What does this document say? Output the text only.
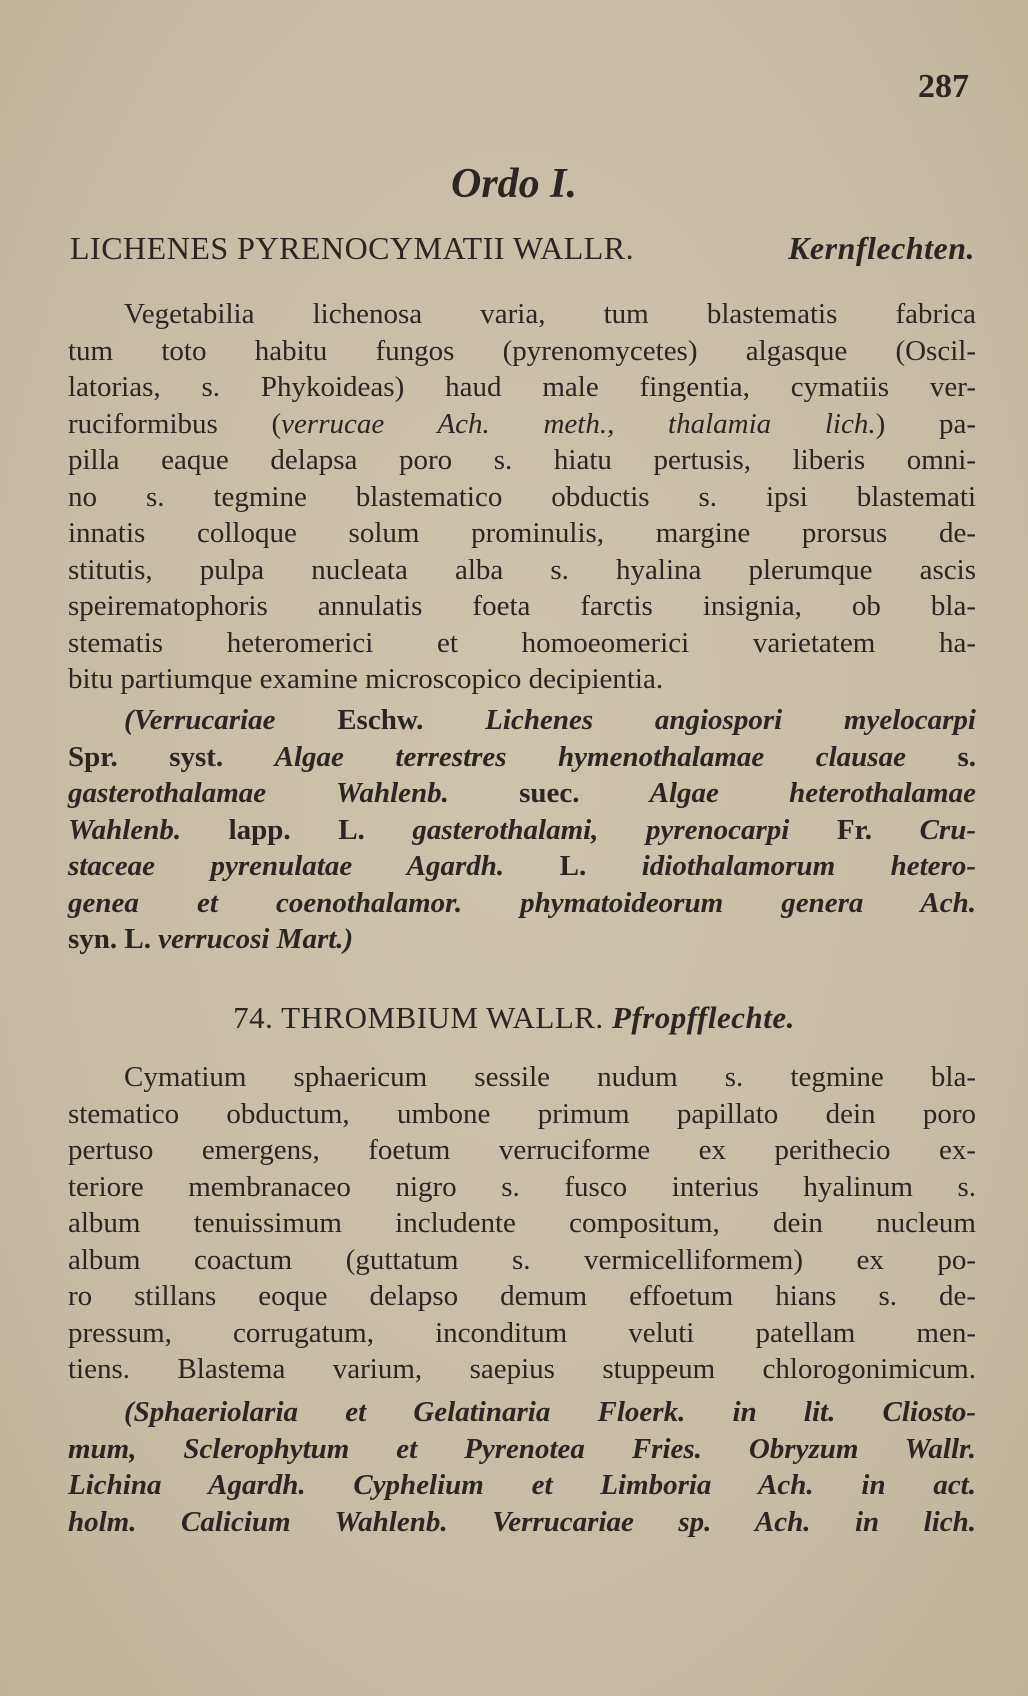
287
Ordo I.
LICHENES PYRENOCYMATII WALLR.	Kernflechten.
Vegetabilia lichenosa varia, tum blastematis fabrica
tum toto habitu fungos (pyrenomycetes) algasque (Oscil-
latorias, s. Phykoideas) haud male fingentia, cymatiis ver-
ruciformibus (verrucae Ach. meth., thalamia lich.) pa-
pilla eaque delapsa poro s. hiatu pertusis, liberis omni-
no s. tegmine blastematico obductis s. ipsi blastemati
innatis colloque solum prominulis, margine prorsus de-
stitutis, pulpa nucleata alba s. hyalina plerumque ascis
speirematophoris annulatis foeta farctis insignia, ob bla-
stematis heteromerici et homoeomerici varietatem ha-
bitu partiumque examine microscopico decipientia.
(Verrucariae Eschw. Lichenes angiospori myelocarpi
Spr. syst. Algae terrestres hymenothalamae clausae s.
gasterothalamae Wahlenb. suec. Algae heterothalamae
Wahlenb. lapp. L. gasterothalami, pyrenocarpi Fr. Cru-
staceae pyrenulatae Agardh. L. idiothalamorum hetero-
genea et coenothalamor. phymatoideorum genera Ach.
syn. L. verrucosi Mart.)
74. THROMBIUM WALLR. Pfropfflechte.
Cymatium sphaericum sessile nudum s. tegmine bla-
stematico obductum, umbone primum papillato dein poro
pertuso emergens, foetum verruciforme ex perithecio ex-
teriore membranaceo nigro s. fusco interius hyalinum s.
album tenuissimum includente compositum, dein nucleum
album coactum (guttatum s. vermicelliformem) ex po-
ro stillans eoque delapso demum effoetum hians s. de-
pressum, corrugatum, inconditum veluti patellam men-
tiens. Blastema varium, saepius stuppeum chlorogonimicum.
(Sphaeriolaria et Gelatinaria Floerk. in lit. Cliosto-
mum, Sclerophytum et Pyrenotea Fries. Obryzum Wallr.
Lichina Agardh. Cyphelium et Limboria Ach. in act.
holm. Calicium Wahlenb. Verrucariae sp. Ach. in lich.
